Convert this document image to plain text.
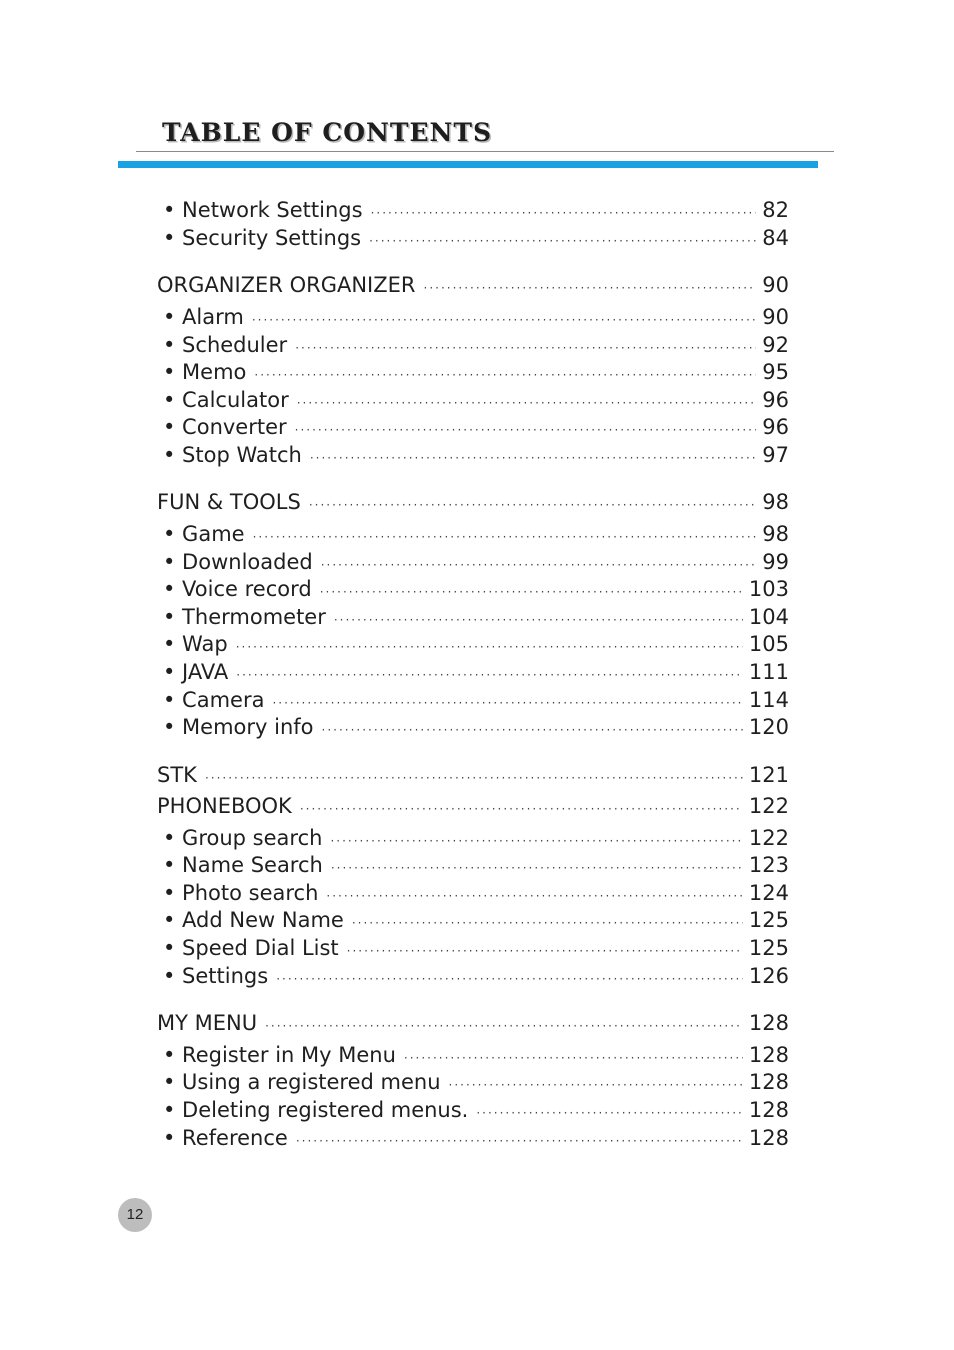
TABLE OF CONTENTS
• Network Settings ·····	82
• Security Settings ·····	84
ORGANIZER ORGANIZER ·····	90
• Alarm ·····	90
• Scheduler ·····	92
• Memo ·····	95
• Calculator ·····	96
• Converter ·····	96
• Stop Watch ·····	97
FUN & TOOLS ·····	98
• Game ·····	98
• Downloaded ·····	99
• Voice record ·····	103
• Thermometer ·····	104
• Wap ·····	105
• JAVA ·····	111
• Camera ·····	114
• Memory info ·····	120
STK ·····	121
PHONEBOOK ·····	122
• Group search ·····	122
• Name Search ·····	123
• Photo search ·····	124
• Add New Name ·····	125
• Speed Dial List ·····	125
• Settings ·····	126
MY MENU ·····	128
• Register in My Menu ·····	128
• Using a registered menu ·····	128
• Deleting registered menus. ·····	128
• Reference ·····	128
12
